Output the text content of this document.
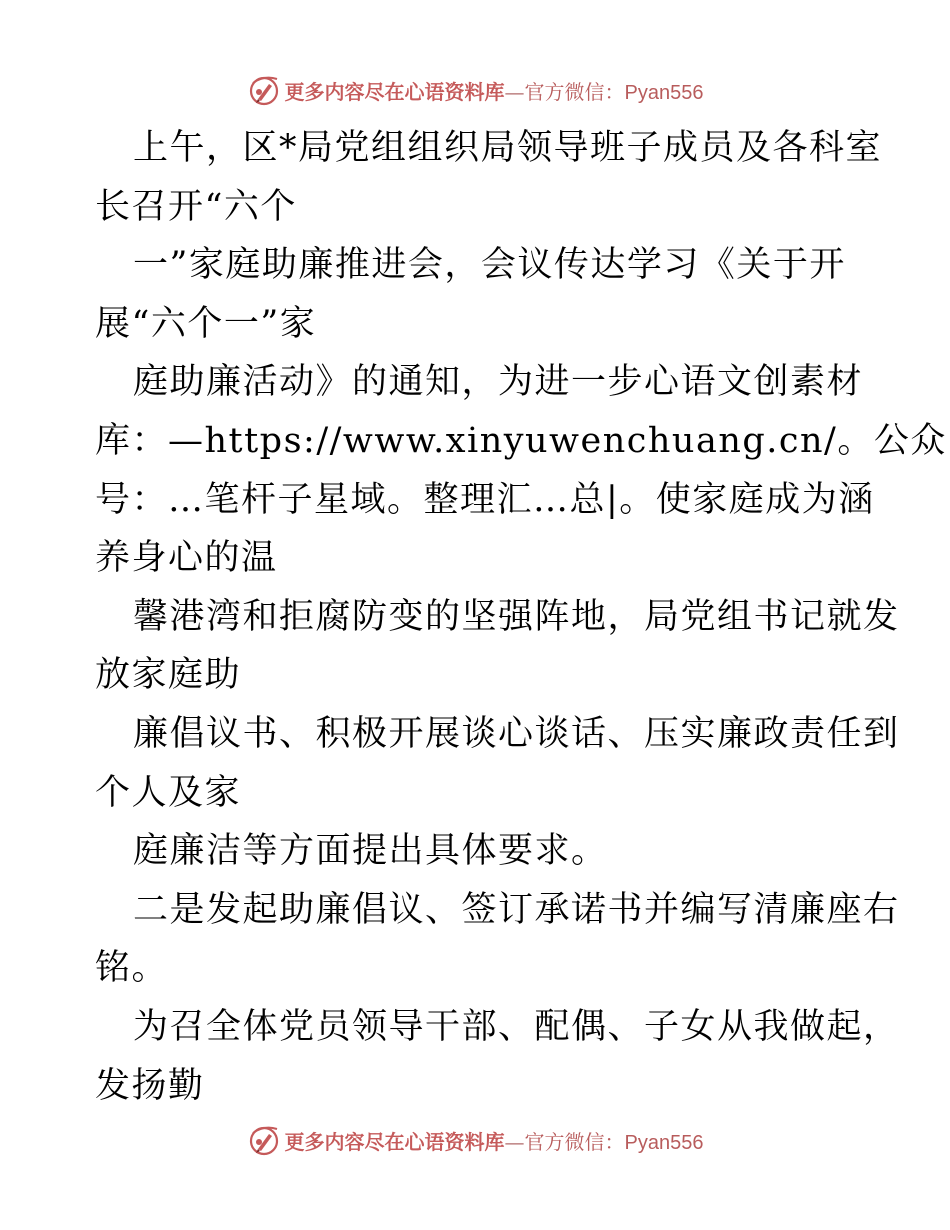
更多内容尽在心语资料库—官方微信：Pyan556
上午，区*局党组组织局领导班子成员及各科室
长召开“六个
一”家庭助廉推进会，会议传达学习《关于开
展“六个一”家
庭助廉活动》的通知，为进一步心语文创素材
库：—https://www.xinyuwenchuang.cn/。公众
号：…笔杆子星域。整理汇…总|。使家庭成为涵
养身心的温
馨港湾和拒腐防变的坚强阵地，局党组书记就发
放家庭助
廉倡议书、积极开展谈心谈话、压实廉政责任到
个人及家
庭廉洁等方面提出具体要求。
二是发起助廉倡议、签订承诺书并编写清廉座右
铭。
为召全体党员领导干部、配偶、子女从我做起，
发扬勤
更多内容尽在心语资料库—官方微信：Pyan556
